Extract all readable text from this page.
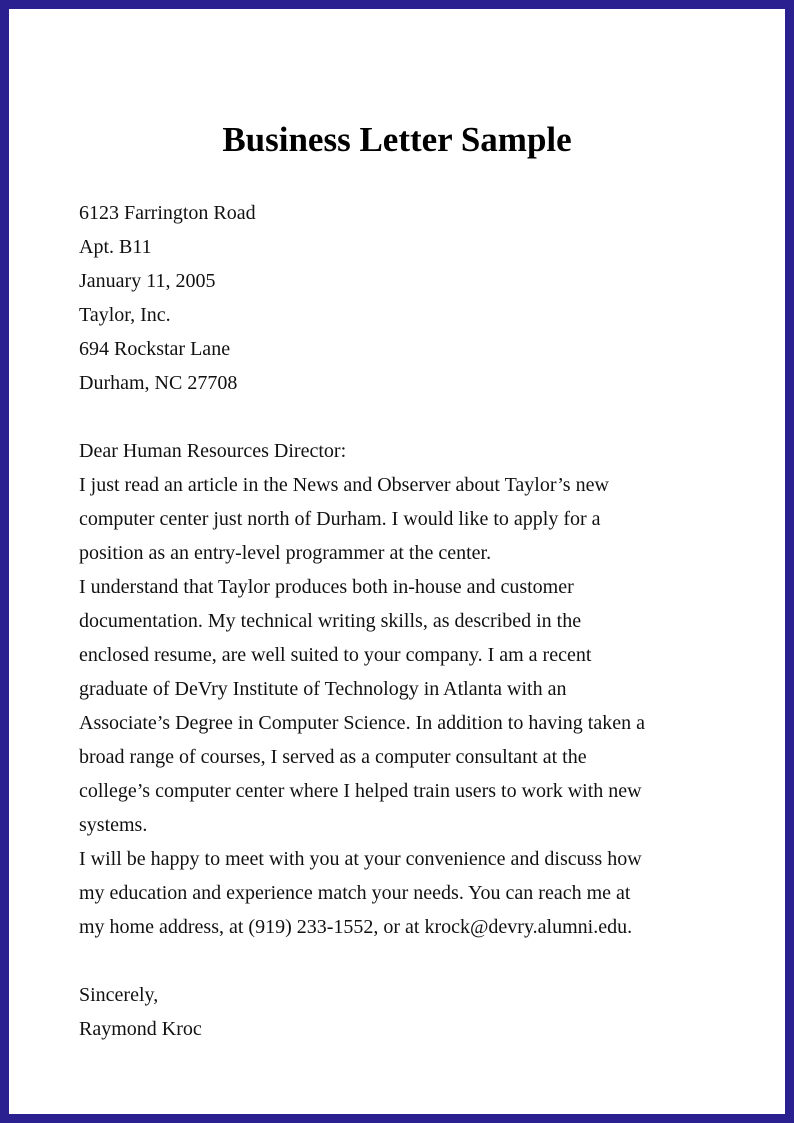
Business Letter Sample
6123 Farrington Road
Apt. B11
January 11, 2005
Taylor, Inc.
694 Rockstar Lane
Durham, NC 27708
Dear Human Resources Director:
I just read an article in the News and Observer about Taylor’s new
computer center just north of Durham. I would like to apply for a
position as an entry-level programmer at the center.
I understand that Taylor produces both in-house and customer
documentation. My technical writing skills, as described in the
enclosed resume, are well suited to your company. I am a recent
graduate of DeVry Institute of Technology in Atlanta with an
Associate’s Degree in Computer Science. In addition to having taken a
broad range of courses, I served as a computer consultant at the
college’s computer center where I helped train users to work with new
systems.
I will be happy to meet with you at your convenience and discuss how
my education and experience match your needs. You can reach me at
my home address, at (919) 233-1552, or at krock@devry.alumni.edu.
Sincerely,
Raymond Kroc
